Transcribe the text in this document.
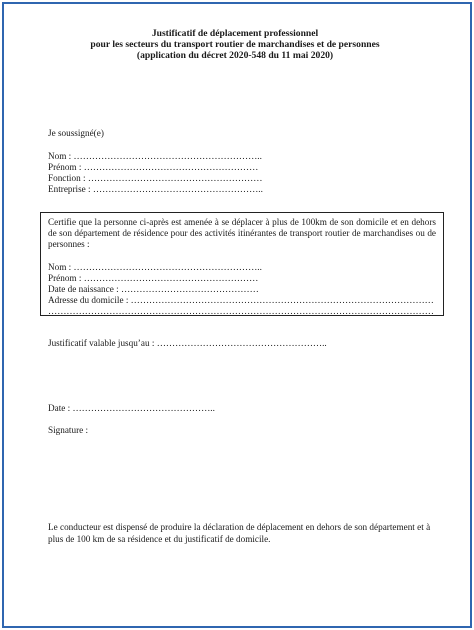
Justificatif de déplacement professionnel
pour les secteurs du transport routier de marchandises et de personnes
(application du décret 2020-548 du 11 mai 2020)
Je soussigné(e)
Nom : ……………………………………………………..
Prénom : …………………………………………………
Fonction : …………………………………………………
Entreprise : ………………………………………………..
Certifie que la personne ci-après est amenée à se déplacer à plus de 100km de son domicile et en dehors de son département de résidence pour des activités itinérantes de transport routier de marchandises ou de personnes :
Nom : ……………………………………………………..
Prénom : …………………………………………………
Date de naissance : ………………………………………
Adresse du domicile : ………………………………………………………………………………………
………………………………………………………………………………………………………………
Justificatif valable jusqu’au : ………………………………………………..
Date : ………………………………………..
Signature :
Le conducteur est dispensé de produire la déclaration de déplacement en dehors de son département et à plus de 100 km de sa résidence et du justificatif de domicile.
